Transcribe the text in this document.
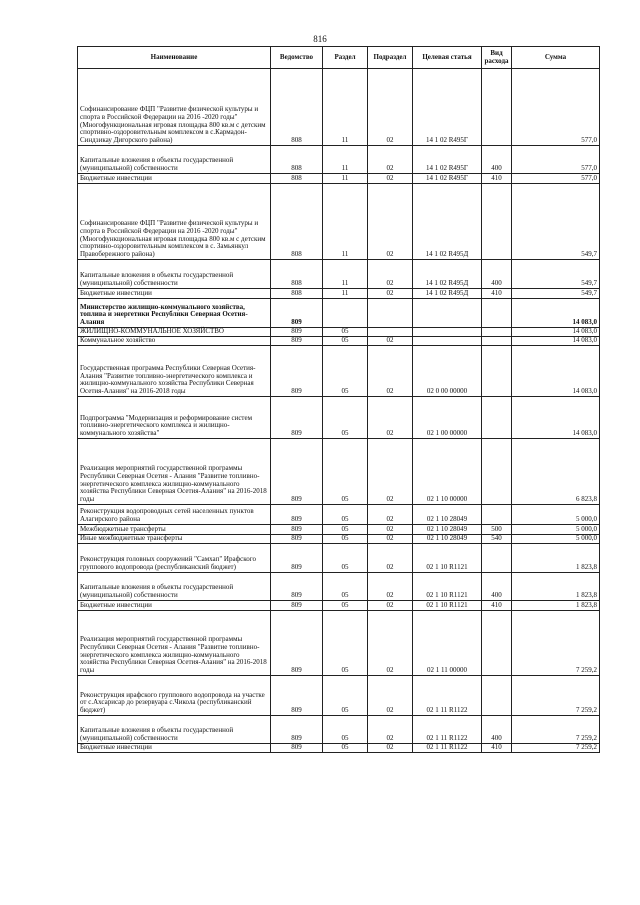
816
Наименование	Ведомство	Раздел	Подраздел	Целевая статья	Вид расхода	Сумма
Софинансирование ФЦП "Развитие физической культуры и спорта в Российской Федерации на 2016 -2020 годы" (Многофункциональная игровая площадка 800 кв.м с детским спортивно-оздоровительным комплексом в с.Кармадон-Синдзикау Дигорского района)	808	11	02	14 1 02 R495Г		577,0
Капитальные вложения в объекты государственной (муниципальной) собственности	808	11	02	14 1 02 R495Г	400	577,0
Бюджетные инвестиции	808	11	02	14 1 02 R495Г	410	577,0
Софинансирование ФЦП "Развитие физической культуры и спорта в Российской Федерации на 2016 -2020 годы" (Многофункциональная игровая площадка 800 кв.м с детским спортивно-оздоровительным комплексом в с. Замьянкул Правобережного района)	808	11	02	14 1 02 R495Д		549,7
Капитальные вложения в объекты государственной (муниципальной) собственности	808	11	02	14 1 02 R495Д	400	549,7
Бюджетные инвестиции	808	11	02	14 1 02 R495Д	410	549,7
Министерство жилищно-коммунального хозяйства, топлива и энергетики Республики Северная Осетия-Алания	809					14 083,0
ЖИЛИЩНО-КОММУНАЛЬНОЕ ХОЗЯЙСТВО	809	05				14 083,0
Коммунальное хозяйство	809	05	02			14 083,0
Государственная программа Республики Северная Осетия-Алания "Развитие топливно-энергетического комплекса и жилищно-коммунального хозяйства Республики Северная Осетия-Алания" на 2016-2018 годы	809	05	02	02 0 00 00000		14 083,0
Подпрограмма "Модернизация и реформирование систем топливно-энергетического комплекса и жилищно-коммунального хозяйства"	809	05	02	02 1 00 00000		14 083,0
Реализация мероприятий государственной программы Республики Северная Осетия - Алания "Развитие топливно-энергетического комплекса жилищно-коммунального хозяйства Республики Северная Осетия-Алания" на 2016-2018 годы	809	05	02	02 1 10 00000		6 823,8
Реконструкция водопроводных сетей населенных пунктов Алагирского района	809	05	02	02 1 10 28049		5 000,0
Межбюджетные трансферты	809	05	02	02 1 10 28049	500	5 000,0
Иные межбюджетные трансферты	809	05	02	02 1 10 28049	540	5 000,0
Реконструкция головных сооружений "Самхап" Ирафского группового водопровода (республиканский бюджет)	809	05	02	02 1 10 R1121		1 823,8
Капитальные вложения в объекты государственной (муниципальной) собственности	809	05	02	02 1 10 R1121	400	1 823,8
Бюджетные инвестиции	809	05	02	02 1 10 R1121	410	1 823,8
Реализация мероприятий государственной программы Республики Северная Осетия - Алания "Развитие топливно-энергетического комплекса жилищно-коммунального хозяйства Республики Северная Осетия-Алания" на 2016-2018 годы	809	05	02	02 1 11 00000		7 259,2
Реконструкция ирафского группового водопровода на участке от с.Ахсарисар до резервуара с.Чикола (республиканский бюджет)	809	05	02	02 1 11 R1122		7 259,2
Капитальные вложения в объекты государственной (муниципальной) собственности	809	05	02	02 1 11 R1122	400	7 259,2
Бюджетные инвестиции	809	05	02	02 1 11 R1122	410	7 259,2
